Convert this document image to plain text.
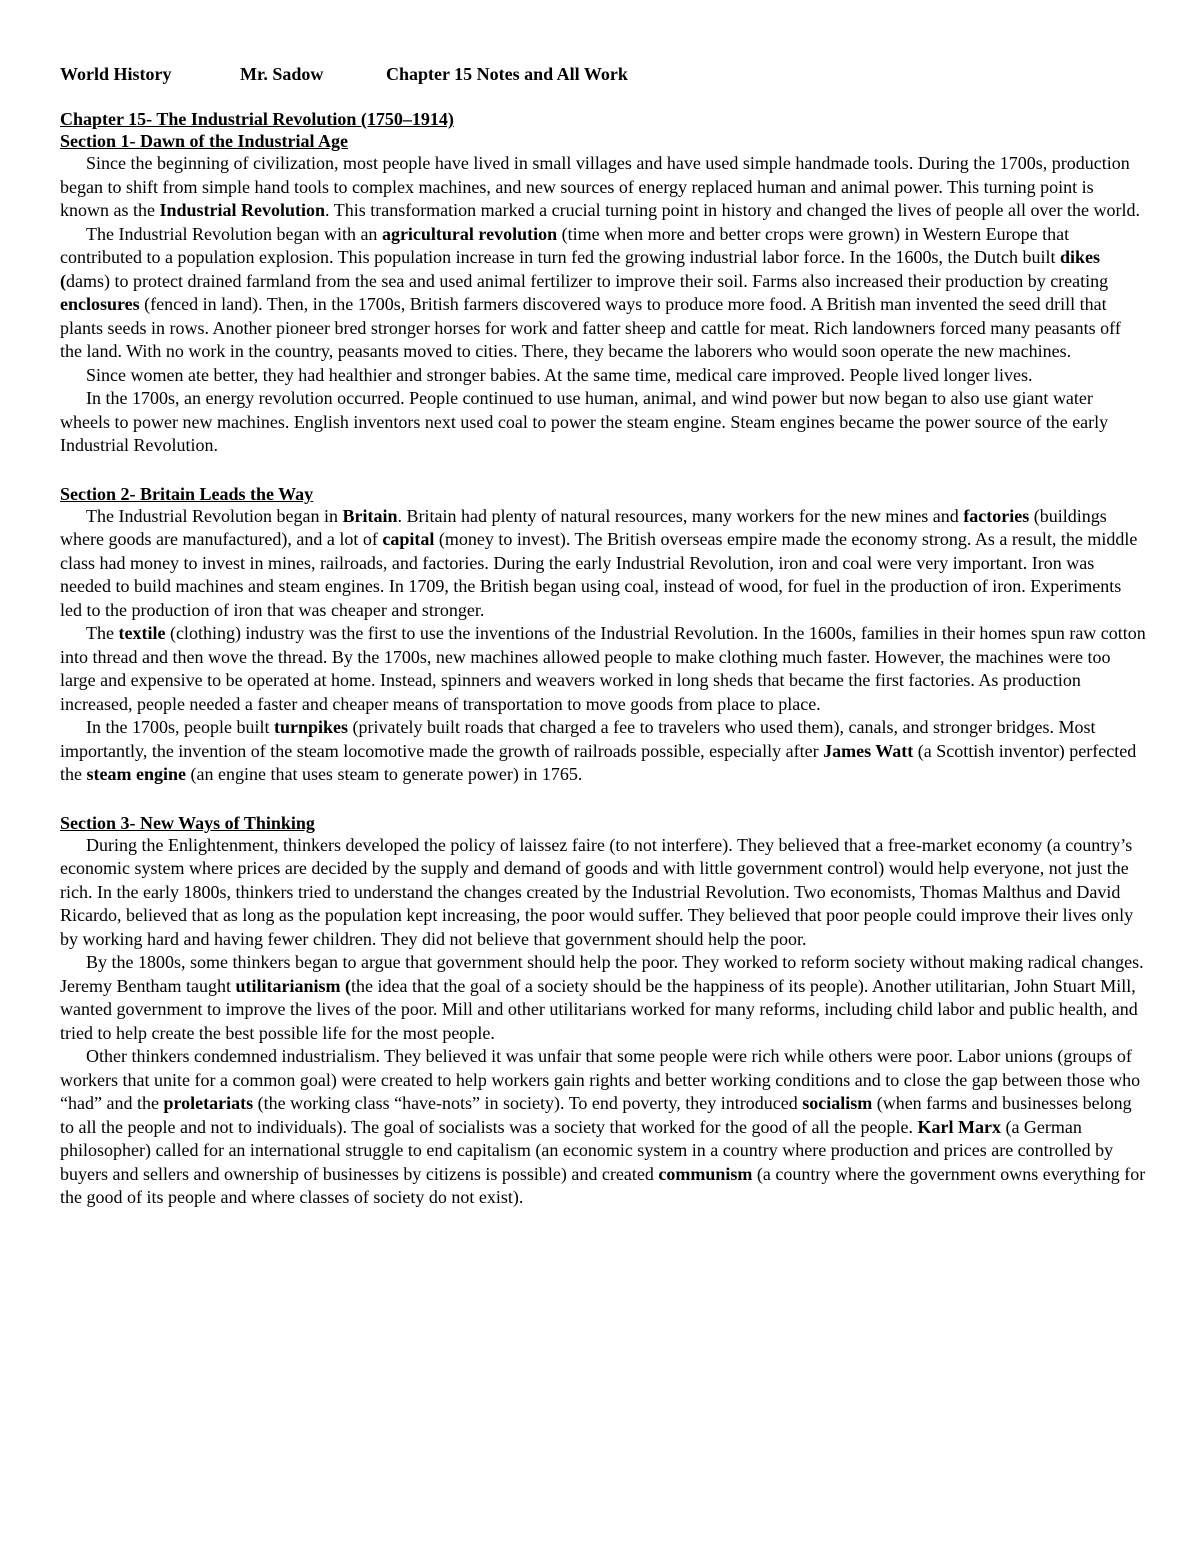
World History	Mr. Sadow	Chapter 15 Notes and All Work
Chapter 15- The Industrial Revolution (1750–1914)
Section 1- Dawn of the Industrial Age

Since the beginning of civilization, most people have lived in small villages and have used simple handmade tools. During the 1700s, production began to shift from simple hand tools to complex machines, and new sources of energy replaced human and animal power. This turning point is known as the Industrial Revolution. This transformation marked a crucial turning point in history and changed the lives of people all over the world.

The Industrial Revolution began with an agricultural revolution (time when more and better crops were grown) in Western Europe that contributed to a population explosion. This population increase in turn fed the growing industrial labor force. In the 1600s, the Dutch built dikes (dams) to protect drained farmland from the sea and used animal fertilizer to improve their soil. Farms also increased their production by creating enclosures (fenced in land). Then, in the 1700s, British farmers discovered ways to produce more food. A British man invented the seed drill that plants seeds in rows. Another pioneer bred stronger horses for work and fatter sheep and cattle for meat. Rich landowners forced many peasants off the land. With no work in the country, peasants moved to cities. There, they became the laborers who would soon operate the new machines.

Since women ate better, they had healthier and stronger babies. At the same time, medical care improved. People lived longer lives.

In the 1700s, an energy revolution occurred. People continued to use human, animal, and wind power but now began to also use giant water wheels to power new machines. English inventors next used coal to power the steam engine. Steam engines became the power source of the early Industrial Revolution.

Section 2- Britain Leads the Way

The Industrial Revolution began in Britain. Britain had plenty of natural resources, many workers for the new mines and factories (buildings where goods are manufactured), and a lot of capital (money to invest). The British overseas empire made the economy strong. As a result, the middle class had money to invest in mines, railroads, and factories. During the early Industrial Revolution, iron and coal were very important. Iron was needed to build machines and steam engines. In 1709, the British began using coal, instead of wood, for fuel in the production of iron. Experiments led to the production of iron that was cheaper and stronger.

The textile (clothing) industry was the first to use the inventions of the Industrial Revolution. In the 1600s, families in their homes spun raw cotton into thread and then wove the thread. By the 1700s, new machines allowed people to make clothing much faster. However, the machines were too large and expensive to be operated at home. Instead, spinners and weavers worked in long sheds that became the first factories. As production increased, people needed a faster and cheaper means of transportation to move goods from place to place.

In the 1700s, people built turnpikes (privately built roads that charged a fee to travelers who used them), canals, and stronger bridges. Most importantly, the invention of the steam locomotive made the growth of railroads possible, especially after James Watt (a Scottish inventor) perfected the steam engine (an engine that uses steam to generate power) in 1765.

Section 3- New Ways of Thinking

During the Enlightenment, thinkers developed the policy of laissez faire (to not interfere). They believed that a free-market economy (a country’s economic system where prices are decided by the supply and demand of goods and with little government control) would help everyone, not just the rich. In the early 1800s, thinkers tried to understand the changes created by the Industrial Revolution. Two economists, Thomas Malthus and David Ricardo, believed that as long as the population kept increasing, the poor would suffer. They believed that poor people could improve their lives only by working hard and having fewer children. They did not believe that government should help the poor.

By the 1800s, some thinkers began to argue that government should help the poor. They worked to reform society without making radical changes. Jeremy Bentham taught utilitarianism (the idea that the goal of a society should be the happiness of its people). Another utilitarian, John Stuart Mill, wanted government to improve the lives of the poor. Mill and other utilitarians worked for many reforms, including child labor and public health, and tried to help create the best possible life for the most people.

Other thinkers condemned industrialism. They believed it was unfair that some people were rich while others were poor. Labor unions (groups of workers that unite for a common goal) were created to help workers gain rights and better working conditions and to close the gap between those who “had” and the proletariats (the working class “have-nots” in society). To end poverty, they introduced socialism (when farms and businesses belong to all the people and not to individuals). The goal of socialists was a society that worked for the good of all the people. Karl Marx (a German philosopher) called for an international struggle to end capitalism (an economic system in a country where production and prices are controlled by buyers and sellers and ownership of businesses by citizens is possible) and created communism (a country where the government owns everything for the good of its people and where classes of society do not exist).
